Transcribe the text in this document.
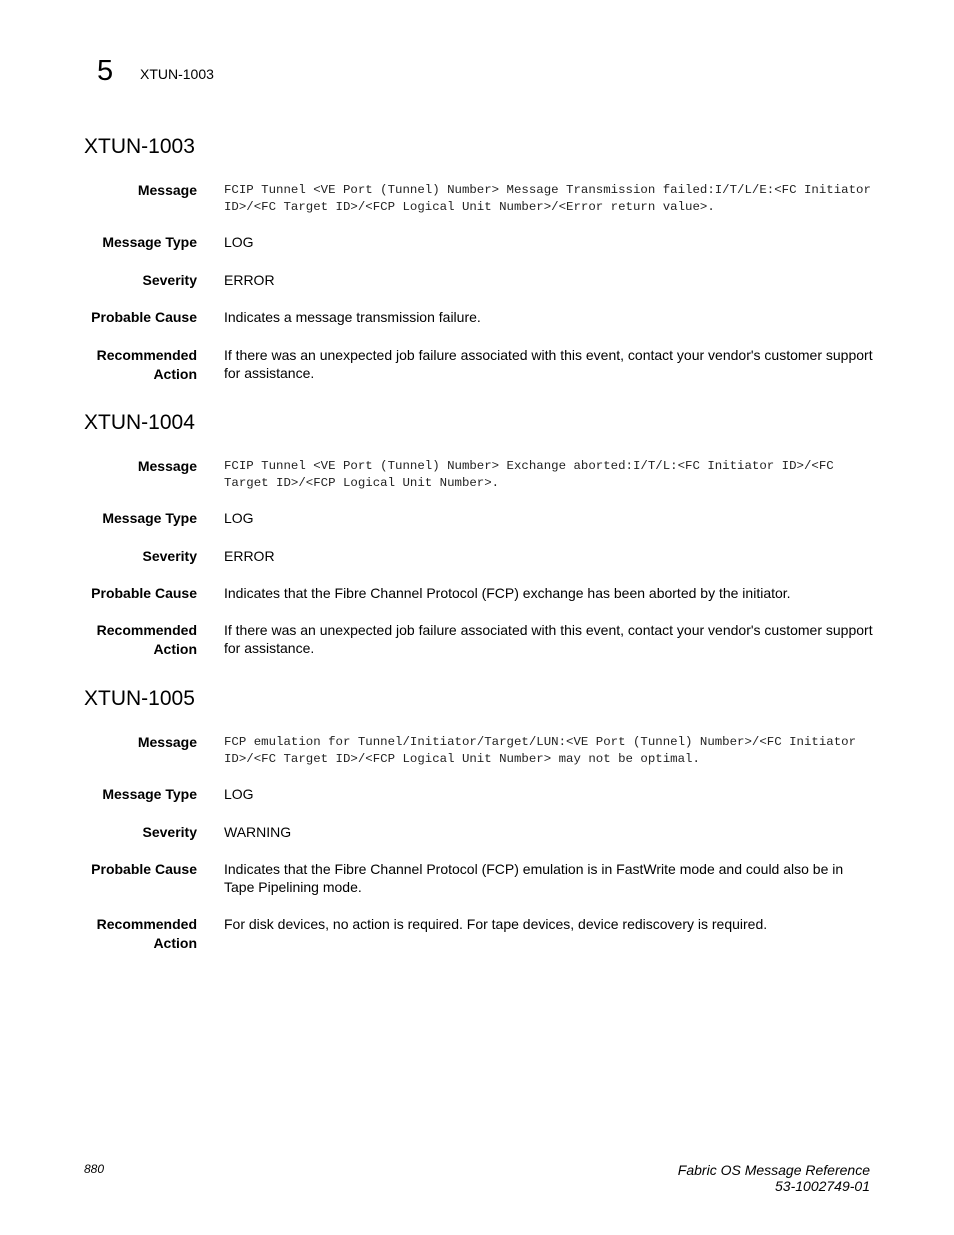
5 XTUN-1003
XTUN-1003
Message FCIP Tunnel <VE Port (Tunnel) Number> Message Transmission failed:I/T/L/E:<FC Initiator ID>/<FC Target ID>/<FCP Logical Unit Number>/<Error return value>.
Message Type LOG
Severity ERROR
Probable Cause Indicates a message transmission failure.
Recommended
Action
If there was an unexpected job failure associated with this event, contact your vendor's customer support for assistance.
XTUN-1004
Message FCIP Tunnel <VE Port (Tunnel) Number> Exchange aborted:I/T/L:<FC Initiator ID>/<FC Target ID>/<FCP Logical Unit Number>.
Message Type LOG
Severity ERROR
Probable Cause Indicates that the Fibre Channel Protocol (FCP) exchange has been aborted by the initiator.
Recommended
Action
If there was an unexpected job failure associated with this event, contact your vendor's customer support for assistance.
XTUN-1005
Message FCP emulation for Tunnel/Initiator/Target/LUN:<VE Port (Tunnel) Number>/<FC Initiator ID>/<FC Target ID>/<FCP Logical Unit Number> may not be optimal.
Message Type LOG
Severity WARNING
Probable Cause Indicates that the Fibre Channel Protocol (FCP) emulation is in FastWrite mode and could also be in Tape Pipelining mode.
Recommended
Action
For disk devices, no action is required. For tape devices, device rediscovery is required.
880	Fabric OS Message Reference
53-1002749-01
